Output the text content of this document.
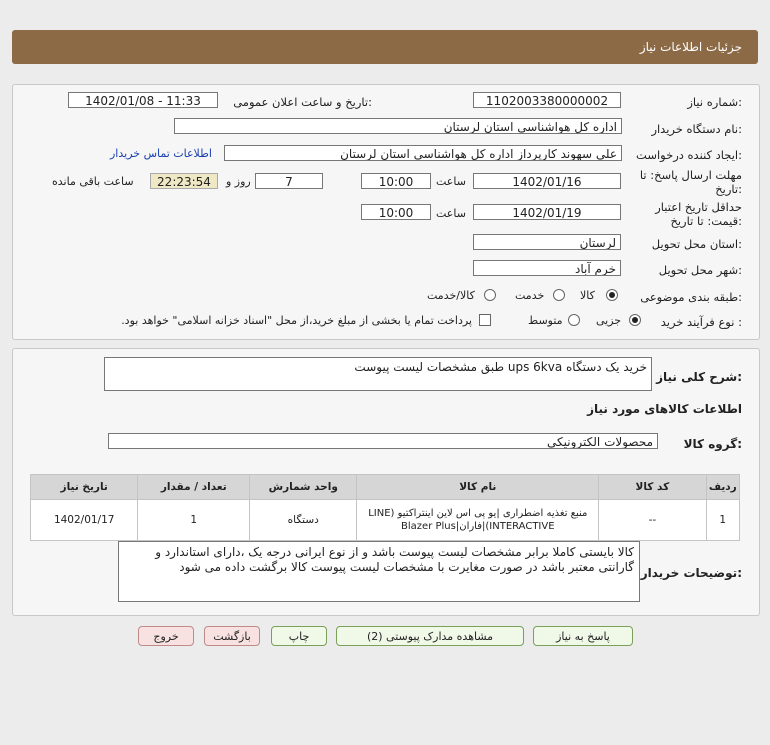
جزئیات اطلاعات نیاز
شماره نیاز:
1102003380000002
تاریخ و ساعت اعلان عمومی:
1402/01/08 - 11:33
نام دستگاه خریدار:
اداره کل هواشناسی استان لرستان
ایجاد کننده درخواست:
علی سهوند کارپرداز اداره کل هواشناسی استان لرستان
اطلاعات تماس خریدار
مهلت ارسال پاسخ: تا تاریخ:
1402/01/16
ساعت
10:00
7
روز و
22:23:54
ساعت باقی مانده
حداقل تاریخ اعتبار قیمت: تا تاریخ:
1402/01/19
ساعت
10:00
استان محل تحویل:
لرستان
شهر محل تحویل:
خرم آباد
طبقه بندی موضوعی:
کالا
خدمت
کالا/خدمت
نوع فرآیند خرید :
جزیی
متوسط
پرداخت تمام یا بخشی از مبلغ خرید،از محل "اسناد خزانه اسلامی" خواهد بود.
شرح کلی نیاز:
خرید یک دستگاه ups 6kva طبق مشخصات لیست پیوست
اطلاعات کالاهای مورد نیاز
گروه کالا:
محصولات الکترونیکی
ردیف	کد کالا	نام کالا	واحد شمارش	تعداد / مقدار	تاریخ نیاز
1	--	منبع تغذیه اضطراری |یو پی اس لاین اینتراکتیو (LINE
INTERACTIVE)|فاران|Blazer Plus	دستگاه	1	1402/01/17
توضیحات خریدار:
کالا بایستی کاملا برابر مشخصات لیست پیوست باشد و از نوع ایرانی درجه یک ،دارای استاندارد و گارانتی معتبر باشد در صورت مغایرت با مشخصات لیست پیوست کالا برگشت داده می شود
پاسخ به نیاز
مشاهده مدارک پیوستی (2)
چاپ
بازگشت
خروج
